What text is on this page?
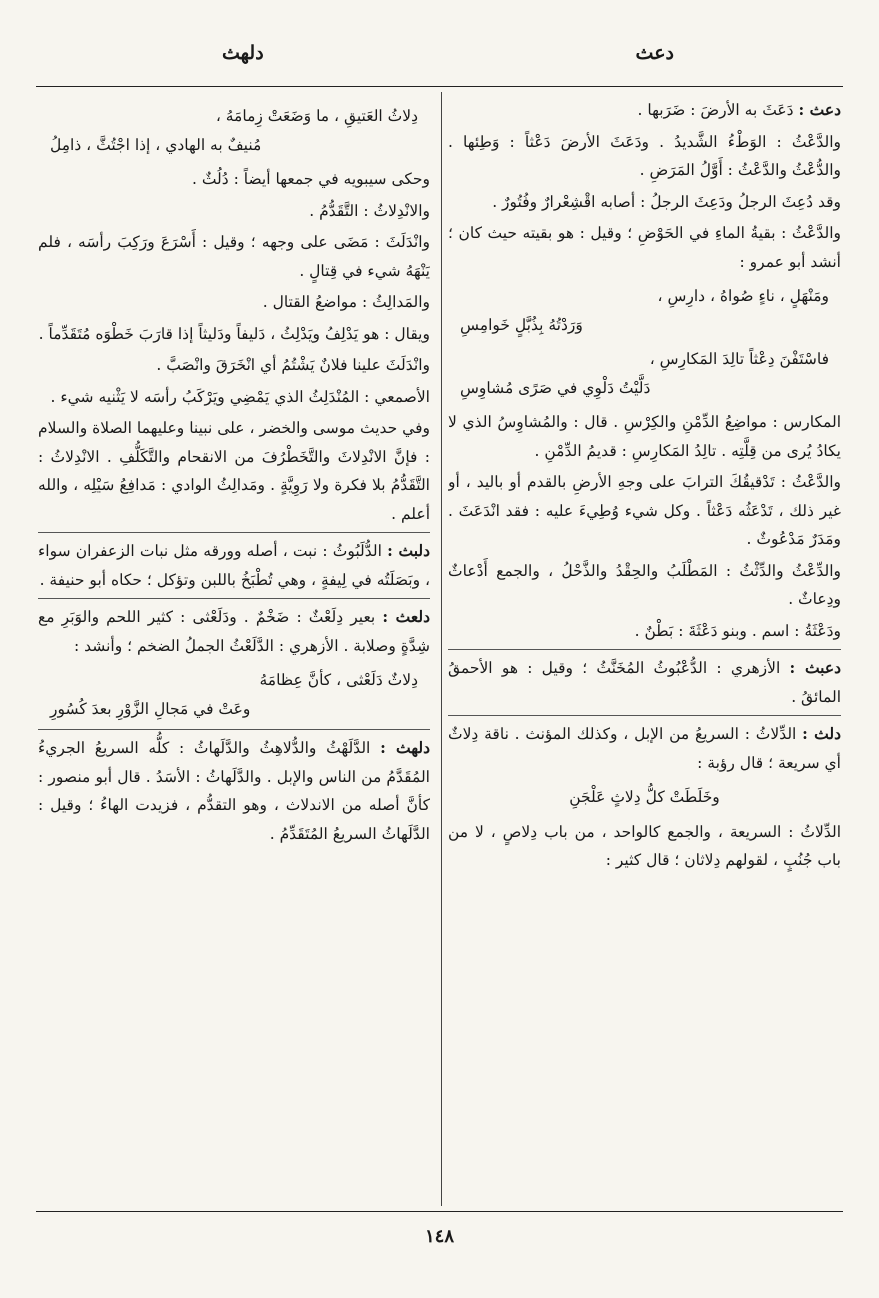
دعث
دلهث

دعث : دَعَثَ به الأرضَ : ضَرَبها .

والدَّعْثُ : الوَطْءُ الشَّديدُ . ودَعَثَ الأرضَ دَعْثاً : وَطِئها . والدُّعْثُ والدَّعْثُ : أَوَّلُ المَرَضِ .

وقد دُعِثَ الرجلُ ودَعِثَ الرجلُ : أصابه اقْشِعْرارٌ وفُتُورٌ .

والدَّعْثُ : بقيةُ الماءِ في الحَوْضِ ؛ وقيل : هو بقيته حيث كان ؛ أنشد أبو عمرو :

ومَنْهَلٍ ، ناءٍ صُواهُ ، دارِسِ ،
وَرَدْتُهُ بِذُبَّلٍ خَوامِسِ
فاسْتَفْنَ دِعْثاً تالِدَ المَكارِسِ ،
دَلَّيْتُ دَلْوِي في صَرًى مُشاوِسِ

المكارس : مواضِعُ الدِّمْنِ والكِرْسِ . قال : والمُشاوِسُ الذي لا يكادُ يُرى من قِلَّتِه . تالِدُ المَكارِسِ : قديمُ الدِّمْنِ .

والدَّعْثُ : تَدْقيقُكَ الترابَ على وجهِ الأرضِ بالقدم أو باليد ، أو غير ذلك ، تَدْعَثُه دَعْثاً . وكل شيء وُطِيءَ عليه : فقد انْدَعَثَ . ومَدَرٌ مَدْعُوثٌ .

والدِّعْثُ والدِّثْثُ : المَطْلَبُ والحِقْدُ والذَّحْلُ ، والجمع أَدْعاثٌ ودِعاثٌ .

ودَعْثَةُ : اسم . وبنو دَعْثَةَ : بَطْنٌ .

دعبث : الأزهري : الدُّعْبُوثُ المُخَنَّثُ ؛ وقيل : هو الأحمقُ المائقُ .

دلث : الدِّلاثُ : السريعُ من الإبل ، وكذلك المؤنث . ناقة دِلاثٌ أي سريعة ؛ قال رؤبة :

وخَلَطَتْ كلُّ دِلاثٍ عَلْجَنِ

الدِّلاثُ : السريعة ، والجمع كالواحد ، من باب دِلاصٍ ، لا من باب جُنُبٍ ، لقولهم دِلاثان ؛ قال كثير :

دِلاثُ العَتيقِ ، ما وَضَعَتْ زِمامَهُ ،
مُنيفٌ به الهادي ، إذا اجْتُثَّ ، ذامِلُ

وحكى سيبويه في جمعها أيضاً : دُلُثٌ .

والانْدِلاثُ : التَّقَدُّمُ .

وانْدَلَثَ : مَضَى على وجهه ؛ وقيل : أَسْرَعَ ورَكِبَ رأسَه ، فلم يَنْهَهُ شيء في قِتالٍ .

والمَدالِثُ : مواضعُ القتال .

ويقال : هو يَدْلِفُ ويَدْلِثُ ، دَليفاً ودَليثاً إذا قارَبَ خَطْوَه مُتَقَدِّماً .

وانْدَلَثَ علينا فلانٌ يَشْتُمُ أي انْخَرَقَ وانْصَبَّ .

الأصمعي : المُنْدَلِثُ الذي يَمْضِي ويَرْكَبُ رأسَه لا يَثْنيه شيء .

وفي حديث موسى والخضر ، على نبينا وعليهما الصلاة والسلام : فإنَّ الانْدِلاثَ والتَّخَطْرُفَ من الانقحام والتَّكَلُّفِ . الانْدِلاثُ : التَّقَدُّمُ بلا فكرة ولا رَوِيَّةٍ . ومَدالِثُ الوادي : مَدافِعُ سَيْلِه ، والله أعلم .

دلبث : الدُّلَبُوثُ : نبت ، أصله وورقه مثل نبات الزعفران سواء ، وبَصَلَتُه في لِيفةٍ ، وهي تُطْبَخُ باللبن وتؤكل ؛ حكاه أبو حنيفة .

دلعث : بعير دِلَعْثٌ : ضَخْمٌ . ودَلَعْثى : كثير اللحم والوَبَرِ مع شِدَّةٍ وصلابة . الأزهري : الدَّلَعْثُ الجملُ الضخم ؛ وأنشد :

دِلاثٌ دَلَعْثى ، كأنَّ عِظامَهُ
وعَتْ في مَجالِ الزَّوْرِ بعدَ كُسُورِ

دلهث : الدَّلَهْثُ والدُّلاهِثُ والدَّلَهاثُ : كلُّه السريعُ الجريءُ المُقَدَّمُ من الناس والإبل . والدَّلَهاثُ : الأسَدُ . قال أبو منصور : كأنَّ أصله من الاندلاث ، وهو التقدُّم ، فزيدت الهاءُ ؛ وقيل : الدَّلَهاثُ السريعُ المُتَقَدِّمُ .

١٤٨
